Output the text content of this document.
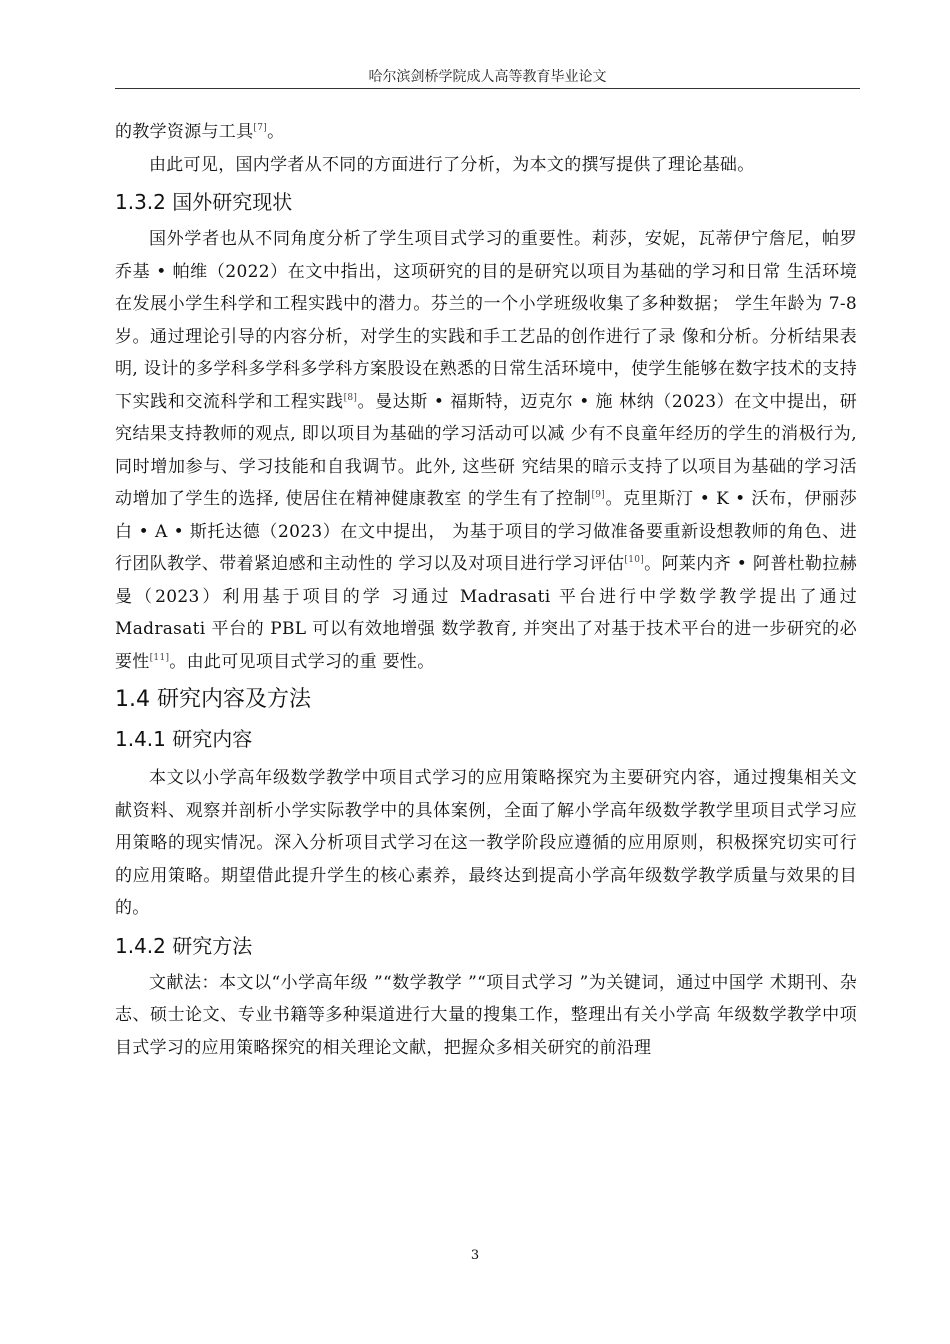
哈尔滨剑桥学院成人高等教育毕业论文

的教学资源与工具[7]。

由此可见，国内学者从不同的方面进行了分析，为本文的撰写提供了理论基础。

1.3.2 国外研究现状

国外学者也从不同角度分析了学生项目式学习的重要性。莉莎，安妮，瓦蒂伊宁詹尼，帕罗乔基 • 帕维（2022）在文中指出，这项研究的目的是研究以项目为基础的学习和日常 生活环境在发展小学生科学和工程实践中的潜力。芬兰的一个小学班级收集了多种数据； 学生年龄为 7-8 岁。通过理论引导的内容分析，对学生的实践和手工艺品的创作进行了录 像和分析。分析结果表明, 设计的多学科多学科多学科方案股设在熟悉的日常生活环境中，使学生能够在数字技术的支持下实践和交流科学和工程实践[8]。曼达斯 • 福斯特，迈克尔 • 施 林纳（2023）在文中提出，研究结果支持教师的观点, 即以项目为基础的学习活动可以减 少有不良童年经历的学生的消极行为, 同时增加参与、学习技能和自我调节。此外, 这些研 究结果的暗示支持了以项目为基础的学习活动增加了学生的选择, 使居住在精神健康教室 的学生有了控制[9]。克里斯汀 • K • 沃布，伊丽莎白 • A • 斯托达德（2023）在文中提出， 为基于项目的学习做准备要重新设想教师的角色、进行团队教学、带着紧迫感和主动性的 学习以及对项目进行学习评估[10]。阿莱内齐 • 阿普杜勒拉赫曼（2023）利用基于项目的学 习通过 Madrasati 平台进行中学数学教学提出了通过 Madrasati 平台的 PBL 可以有效地增强 数学教育, 并突出了对基于技术平台的进一步研究的必要性[11]。由此可见项目式学习的重 要性。

1.4 研究内容及方法
1.4.1 研究内容

本文以小学高年级数学教学中项目式学习的应用策略探究为主要研究内容，通过搜集相关文献资料、观察并剖析小学实际教学中的具体案例，全面了解小学高年级数学教学里项目式学习应用策略的现实情况。深入分析项目式学习在这一教学阶段应遵循的应用原则，积极探究切实可行的应用策略。期望借此提升学生的核心素养，最终达到提高小学高年级数学教学质量与效果的目的。

1.4.2 研究方法

文献法：本文以“小学高年级 ”“数学教学 ”“项目式学习 ”为关键词，通过中国学 术期刊、杂志、硕士论文、专业书籍等多种渠道进行大量的搜集工作，整理出有关小学高 年级数学教学中项目式学习的应用策略探究的相关理论文献，把握众多相关研究的前沿理

3
